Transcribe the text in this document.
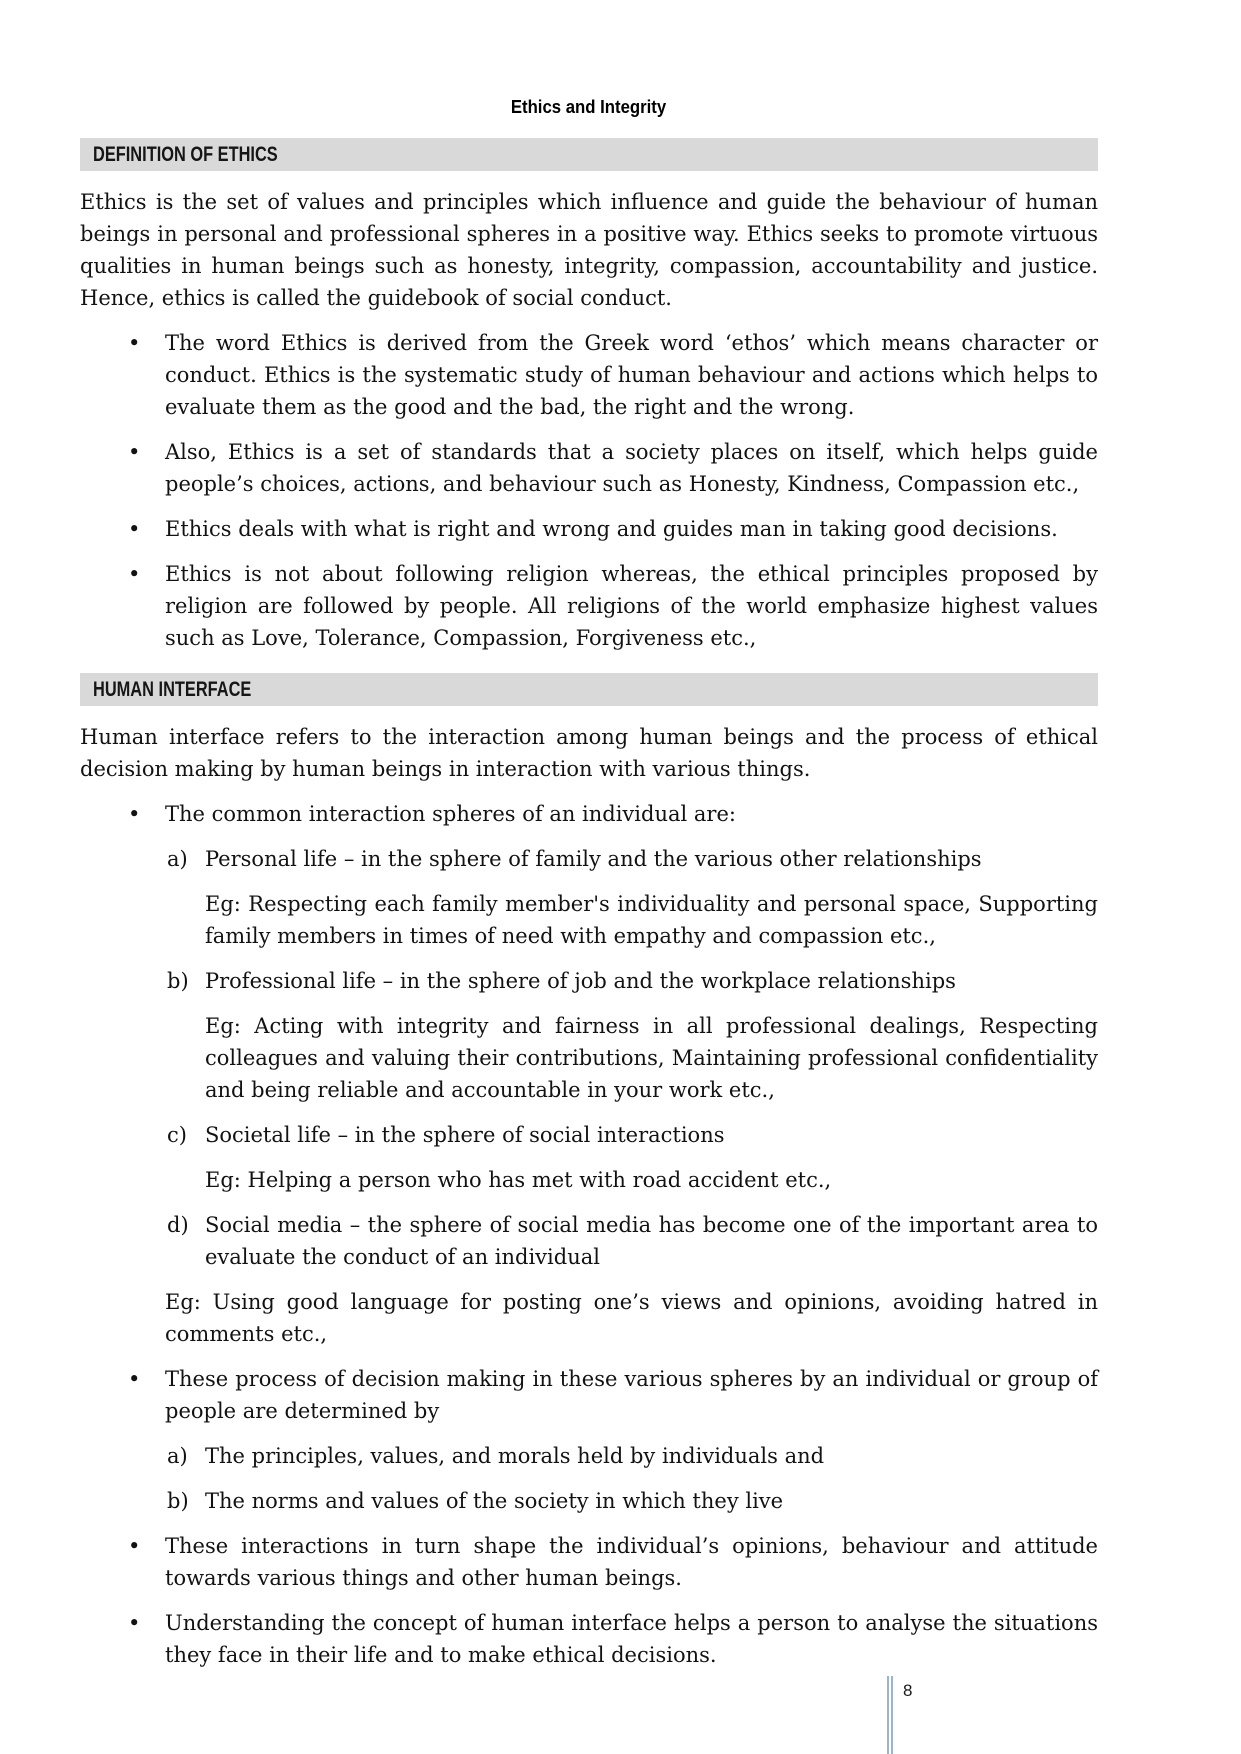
Ethics and Integrity
DEFINITION OF ETHICS
Ethics is the set of values and principles which influence and guide the behaviour of human beings in personal and professional spheres in a positive way. Ethics seeks to promote virtuous qualities in human beings such as honesty, integrity, compassion, accountability and justice. Hence, ethics is called the guidebook of social conduct.
• The word Ethics is derived from the Greek word ‘ethos’ which means character or conduct. Ethics is the systematic study of human behaviour and actions which helps to evaluate them as the good and the bad, the right and the wrong.
• Also, Ethics is a set of standards that a society places on itself, which helps guide people’s choices, actions, and behaviour such as Honesty, Kindness, Compassion etc.,
• Ethics deals with what is right and wrong and guides man in taking good decisions.
• Ethics is not about following religion whereas, the ethical principles proposed by religion are followed by people. All religions of the world emphasize highest values such as Love, Tolerance, Compassion, Forgiveness etc.,
HUMAN INTERFACE
Human interface refers to the interaction among human beings and the process of ethical decision making by human beings in interaction with various things.
• The common interaction spheres of an individual are:
a) Personal life – in the sphere of family and the various other relationships
Eg: Respecting each family member's individuality and personal space, Supporting family members in times of need with empathy and compassion etc.,
b) Professional life – in the sphere of job and the workplace relationships
Eg: Acting with integrity and fairness in all professional dealings, Respecting colleagues and valuing their contributions, Maintaining professional confidentiality and being reliable and accountable in your work etc.,
c) Societal life – in the sphere of social interactions
Eg: Helping a person who has met with road accident etc.,
d) Social media – the sphere of social media has become one of the important area to evaluate the conduct of an individual
Eg: Using good language for posting one’s views and opinions, avoiding hatred in comments etc.,
• These process of decision making in these various spheres by an individual or group of people are determined by
a) The principles, values, and morals held by individuals and
b) The norms and values of the society in which they live
• These interactions in turn shape the individual’s opinions, behaviour and attitude towards various things and other human beings.
• Understanding the concept of human interface helps a person to analyse the situations they face in their life and to make ethical decisions.
8
